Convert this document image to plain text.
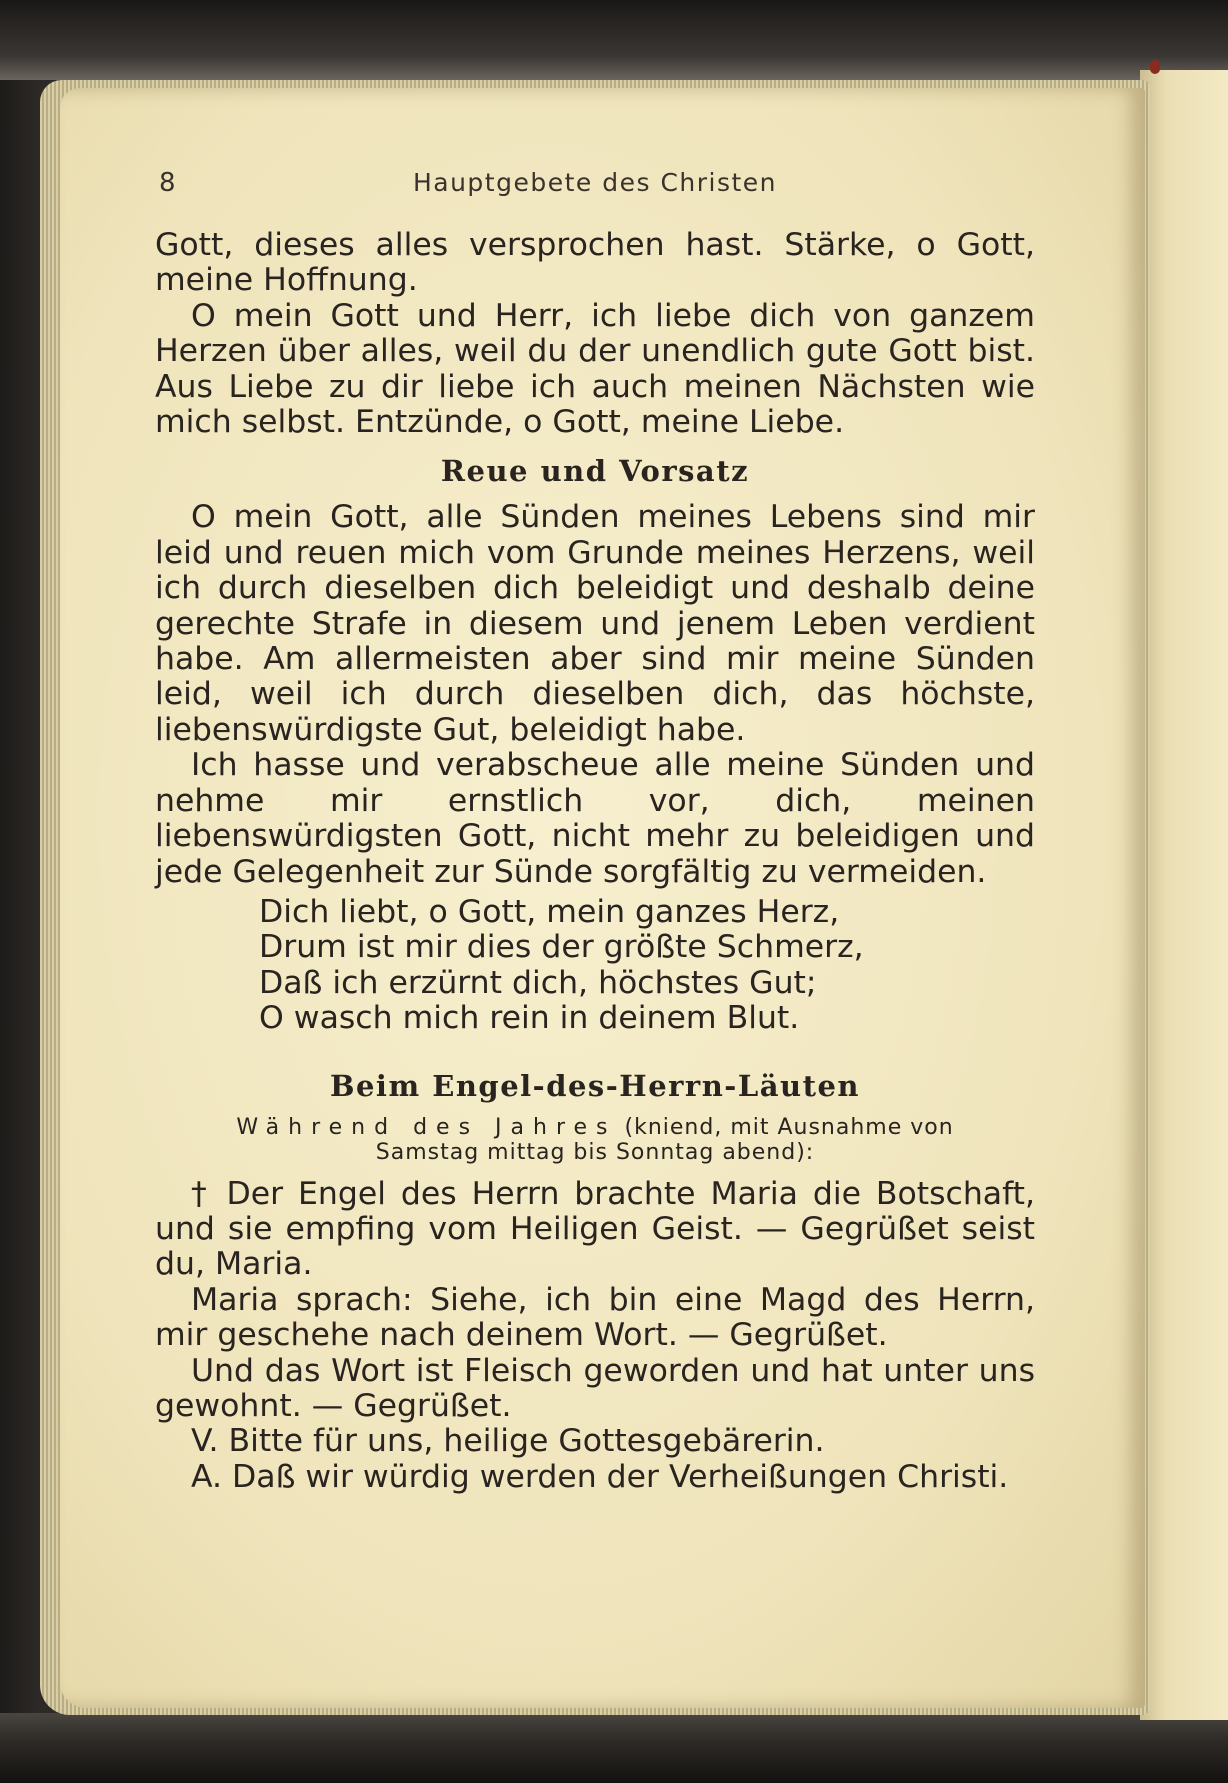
8	Hauptgebete des Christen

Gott, dieses alles versprochen hast. Stärke, o Gott, meine Hoffnung.

O mein Gott und Herr, ich liebe dich von ganzem Herzen über alles, weil du der unendlich gute Gott bist. Aus Liebe zu dir liebe ich auch meinen Nächsten wie mich selbst. Entzünde, o Gott, meine Liebe.

Reue und Vorsatz

O mein Gott, alle Sünden meines Lebens sind mir leid und reuen mich vom Grunde meines Herzens, weil ich durch dieselben dich beleidigt und deshalb deine gerechte Strafe in diesem und jenem Leben verdient habe. Am allermeisten aber sind mir meine Sünden leid, weil ich durch dieselben dich, das höchste, liebenswürdigste Gut, beleidigt habe.

Ich hasse und verabscheue alle meine Sünden und nehme mir ernstlich vor, dich, meinen liebenswürdigsten Gott, nicht mehr zu beleidigen und jede Gelegenheit zur Sünde sorgfältig zu vermeiden.

Dich liebt, o Gott, mein ganzes Herz,
Drum ist mir dies der größte Schmerz,
Daß ich erzürnt dich, höchstes Gut;
O wasch mich rein in deinem Blut.
Beim Engel-des-Herrn-Läuten
Während des Jahres (kniend, mit Ausnahme von
Samstag mittag bis Sonntag abend):

† Der Engel des Herrn brachte Maria die Botschaft, und sie empfing vom Heiligen Geist. — Gegrüßet seist du, Maria.

Maria sprach: Siehe, ich bin eine Magd des Herrn, mir geschehe nach deinem Wort. — Gegrüßet.

Und das Wort ist Fleisch geworden und hat unter uns gewohnt. — Gegrüßet.

V. Bitte für uns, heilige Gottesgebärerin.

A. Daß wir würdig werden der Verheißungen Christi.
